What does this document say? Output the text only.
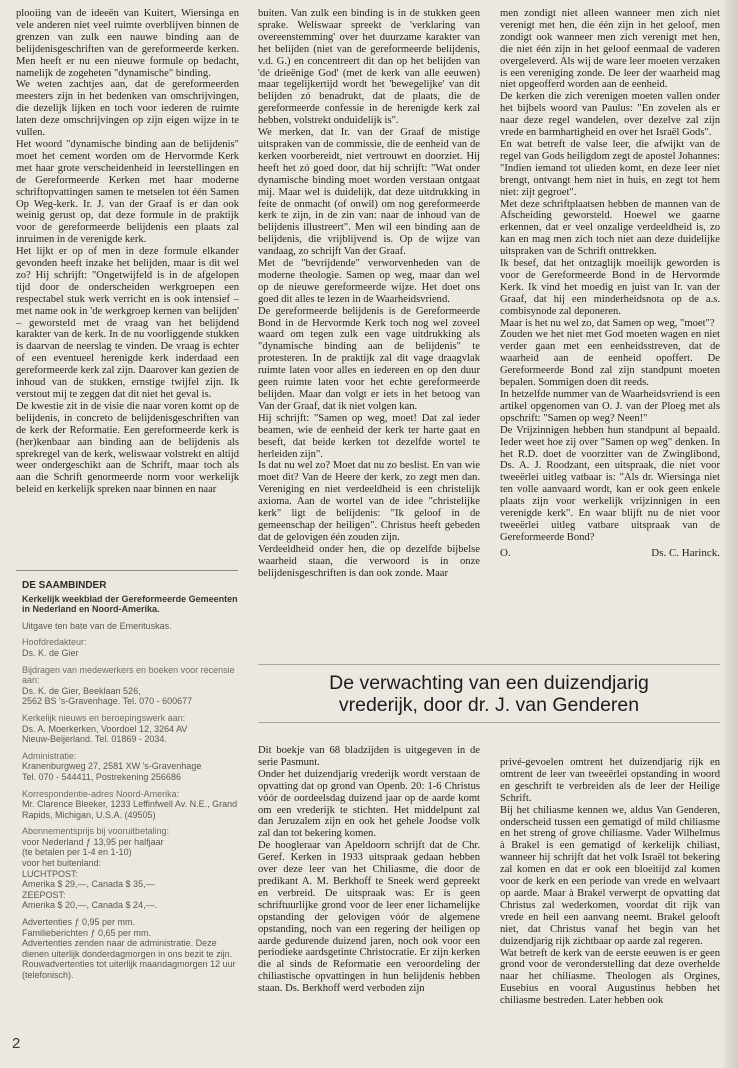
plooiing van de ideeën van Kuitert, Wiersinga en vele anderen niet veel ruimte overblijven binnen de grenzen van zulk een nauwe binding aan de belijdenisgeschriften van de gereformeerde kerken. Men heeft er nu een nieuwe formule op bedacht, namelijk de zogeheten "dynamische" binding.

We weten zachtjes aan, dat de gereformeerden meesters zijn in het bedenken van omschrijvingen, die dezelijk lijken en toch voor iederen de ruimte laten deze omschrijvingen op zijn eigen wijze in te vullen.

Het woord "dynamische binding aan de belijdenis" moet het cement worden om de Hervormde Kerk met haar grote verscheidenheid in leerstellingen en de Gereformeerde Kerken met haar moderne schriftopvattingen samen te metselen tot één Samen Op Weg-kerk. Ir. J. van der Graaf is er dan ook weinig gerust op, dat deze formule in de praktijk voor de gereformeerde belijdenis een plaats zal inruimen in de verenigde kerk.

Het lijkt er op of men in deze formule elkander gevonden heeft inzake het belijden, maar is dit wel zo? Hij schrijft: "Ongetwijfeld is in de afgelopen tijd door de onderscheiden werkgroepen een respectabel stuk werk verricht en is ook intensief – met name ook in 'de werkgroep kernen van belijden' – geworsteld met de vraag van het belijdend karakter van de kerk. In de nu voorliggende stukken is daarvan de neerslag te vinden. De vraag is echter of een eventueel herenigde kerk inderdaad een gereformeerde kerk zal zijn. Daarover kan gezien de inhoud van de stukken, ernstige twijfel zijn. Ik verstout mij te zeggen dat dit niet het geval is.

De kwestie zit in de visie die naar voren komt op de belijdenis, in concreto de belijdenisgeschriften van de kerk der Reformatie. Een gereformeerde kerk is (her)kenbaar aan binding aan de belijdenis als sprekregel van de kerk, weliswaar volstrekt en altijd weer ondergeschikt aan de Schrift, maar toch als aan die Schrift genormeerde norm voor werkelijk beleid en kerkelijk spreken naar binnen en naar

buiten. Van zulk een binding is in de stukken geen sprake. Weliswaar spreekt de 'verklaring van overeenstemming' over het duurzame karakter van het belijden (niet van de gereformeerde belijdenis, v.d. G.) en concentreert dit dan op het belijden van 'de drieënige God' (met de kerk van alle eeuwen) maar tegelijkertijd wordt het 'bewegelijke' van dit belijden zó benadrukt, dat de plaats, die de gereformeerde confessie in de herenigde kerk zal hebben, volstrekt onduidelijk is".

We merken, dat Ir. van der Graaf de mistige uitspraken van de commissie, die de eenheid van de kerken voorbereidt, niet vertrouwt en doorziet. Hij heeft het zó goed door, dat hij schrijft: "Wat onder dynamische binding moet worden verstaan ontgaat mij. Maar wel is duidelijk, dat deze uitdrukking in feite de onmacht (of onwil) om nog gereformeerde kerk te zijn, in de zin van: naar de inhoud van de belijdenis illustreert". Men wil een binding aan de belijdenis, die vrijblijvend is. Op de wijze van vandaag, zo schrijft Van der Graaf.

Met de "bevrijdende" verworvenheden van de moderne theologie. Samen op weg, maar dan wel op de nieuwe gereformeerde wijze. Het doet ons goed dit alles te lezen in de Waarheidsvriend.

De gereformeerde belijdenis is de Gereformeerde Bond in de Hervormde Kerk toch nog wel zoveel waard om tegen zulk een vage uitdrukking als "dynamische binding aan de belijdenis" te protesteren. In de praktijk zal dit vage draagvlak ruimte laten voor alles en iedereen en op den duur geen ruimte laten voor het echte gereformeerde belijden. Maar dan volgt er iets in het betoog van Van der Graaf, dat ik niet volgen kan.

Hij schrijft: "Samen op weg, moet! Dat zal ieder beamen, wie de eenheid der kerk ter harte gaat en beseft, dat beide kerken tot dezelfde wortel te herleiden zijn".

Is dat nu wel zo? Moet dat nu zo beslist. En van wie moet dit? Van de Heere der kerk, zo zegt men dan. Vereniging en niet verdeeldheid is een christelijk axioma. Aan de wortel van de idee "christelijke kerk" ligt de belijdenis: "Ik geloof in de gemeenschap der heiligen". Christus heeft gebeden dat de gelovigen één zouden zijn.

Verdeeldheid onder hen, die op dezelfde bijbelse waarheid staan, die verwoord is in onze belijdenisgeschriften is dan ook zonde. Maar

men zondigt niet alleen wanneer men zich niet verenigt met hen, die één zijn in het geloof, men zondigt ook wanneer men zich verenigt met hen, die niet één zijn in het geloof eenmaal de vaderen overgeleverd. Als wij de ware leer moeten verzaken is een vereniging zonde. De leer der waarheid mag niet opgeofferd worden aan de eenheid.

De kerken die zich verenigen moeten vallen onder het bijbels woord van Paulus: "En zovelen als er naar deze regel wandelen, over dezelve zal zijn vrede en barmhartigheid en over het Israël Gods".

En wat betreft de valse leer, die afwijkt van de regel van Gods heiligdom zegt de apostel Johannes: "Indien iemand tot ulieden komt, en deze leer niet brengt, ontvangt hem niet in huis, en zegt tot hem niet: zijt gegroet".

Met deze schriftplaatsen hebben de mannen van de Afscheiding geworsteld. Hoewel we gaarne erkennen, dat er veel onzalige verdeeldheid is, zo kan en mag men zich toch niet aan deze duidelijke uitspraken van de Schrift onttrekken.

Ik besef, dat het ontzaglijk moeilijk geworden is voor de Gereformeerde Bond in de Hervormde Kerk. Ik vind het moedig en juist van Ir. van der Graaf, dat hij een minderheidsnota op de a.s. combisynode zal deponeren.

Maar is het nu wel zo, dat Samen op weg, "moet"?

Zouden we het niet met God moeten wagen en niet verder gaan met een eenheidsstreven, dat de waarheid aan de eenheid opoffert. De Gereformeerde Bond zal zijn standpunt moeten bepalen. Sommigen doen dit reeds.

In hetzelfde nummer van de Waarheidsvriend is een artikel opgenomen van O. J. van der Ploeg met als opschrift: "Samen op weg? Neen!"

De Vrijzinnigen hebben hun standpunt al bepaald. Ieder weet hoe zij over "Samen op weg" denken. In het R.D. doet de voorzitter van de Zwinglibond, Ds. A. J. Roodzant, een uitspraak, die niet voor tweeërlei uitleg vatbaar is: "Als dr. Wiersinga niet ten volle aanvaard wordt, kan er ook geen enkele plaats zijn voor werkelijk vrijzinnigen in een verenigde kerk". En waar blijft nu de niet voor tweeërlei uitleg vatbare uitspraak van de Gereformeerde Bond?

O.	Ds. C. Harinck.
DE SAAMBINDER
Kerkelijk weekblad der Gereformeerde Gemeenten in Nederland en Noord-Amerika.
Uitgave ten bate van de Emerituskas.
Hoofdredakteur:
Ds. K. de Gier
Bijdragen van medewerkers en boeken voor recensie aan:
Ds. K. de Gier, Beeklaan 526,
2562 BS 's-Gravenhage. Tel. 070 - 600677
Kerkelijk nieuws en beroepingswerk aan:
Ds. A. Moerkerken, Voordoel 12, 3264 AV
Nieuw-Beijerland. Tel. 01869 - 2034.
Administratie:
Kranenburgweg 27, 2581 XW 's-Gravenhage
Tel. 070 - 544411, Postrekening 256686
Korrespondentie-adres Noord-Amerika:
Mr. Clarence Bleeker, 1233 Leffinfwell Av. N.E., Grand Rapids, Michigan, U.S.A. (49505)
Abonnementsprijs bij vooruitbetaling:
voor Nederland ƒ 13,95 per halfjaar
(te betalen per 1-4 en 1-10)
voor het buitenland:
LUCHTPOST:
Amerika $ 29,—, Canada $ 35,—
ZEEPOST:
Amerika $ 20,—, Canada $ 24,—.
Advertenties ƒ 0,95 per mm.
Familieberichten ƒ 0,65 per mm.
Advertenties zenden naar de administratie. Deze dienen uiterlijk donderdagmorgen in ons bezit te zijn.
Rouwadvertenties tot uiterlijk maandagmorgen 12 uur (telefonisch).
De verwachting van een duizendjarig
vrederijk, door dr. J. van Genderen

Dit boekje van 68 bladzijden is uitgegeven in de serie Pasmunt.

Onder het duizendjarig vrederijk wordt verstaan de opvatting dat op grond van Openb. 20: 1-6 Christus vóór de oordeelsdag duizend jaar op de aarde komt om een vrederijk te stichten. Het middelpunt zal dan Jeruzalem zijn en ook het gehele Joodse volk zal dan tot bekering komen.

De hoogleraar van Apeldoorn schrijft dat de Chr. Geref. Kerken in 1933 uitspraak gedaan hebben over deze leer van het Chiliasme, die door de predikant A. M. Berkhoff te Sneek werd gepreekt en verbreid. De uitspraak was: Er is geen schriftuurlijke grond voor de leer ener lichamelijke opstanding der gelovigen vóór de algemene opstanding, noch van een regering der heiligen op aarde gedurende duizend jaren, noch ook voor een periodieke aardsgetinte Christocratie. Er zijn kerken die al sinds de Reformatie een veroordeling der chiliastische opvattingen in hun belijdenis hebben staan. Ds. Berkhoff werd verboden zijn

privé-gevoelen omtrent het duizendjarig rijk en omtrent de leer van tweeërlei opstanding in woord en geschrift te verbreiden als de leer der Heilige Schrift.

Bij het chiliasme kennen we, aldus Van Genderen, onderscheid tussen een gematigd of mild chiliasme en het streng of grove chiliasme. Vader Wilhelmus à Brakel is een gematigd of kerkelijk chiliast, wanneer hij schrijft dat het volk Israël tot bekering zal komen en dat er ook een bloeitijd zal komen voor de kerk en een periode van vrede en welvaart op aarde. Maar à Brakel verwerpt de opvatting dat Christus zal wederkomen, voordat dit rijk van vrede en heil een aanvang neemt. Brakel gelooft niet, dat Christus vanaf het begin van het duizendjarig rijk zichtbaar op aarde zal regeren.

Wat betreft de kerk van de eerste eeuwen is er geen grond voor de veronderstelling dat deze overhelde naar het chiliasme. Theologen als Orgines, Eusebius en vooral Augustinus hebben het chiliasme bestreden. Later hebben ook

2
